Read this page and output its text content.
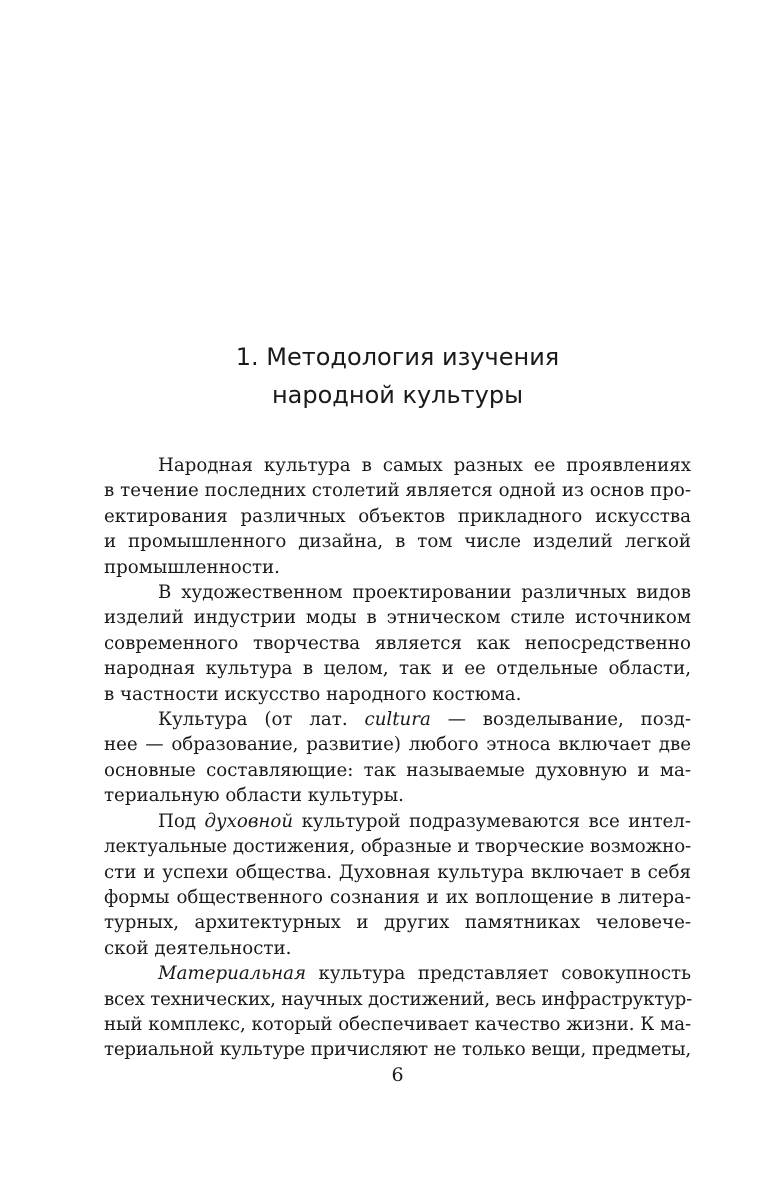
1. Методология изучения
народной культуры

Народная культура в самых разных ее проявлениях
в течение последних столетий является одной из основ про-
ектирования различных объектов прикладного искусства
и промышленного дизайна, в том числе изделий легкой
промышленности.

В художественном проектировании различных видов
изделий индустрии моды в этническом стиле источником
современного творчества является как непосредственно
народная культура в целом, так и ее отдельные области,
в частности искусство народного костюма.

Культура (от лат. cultura — возделывание, позд-
нее — образование, развитие) любого этноса включает две
основные составляющие: так называемые духовную и ма-
териальную области культуры.

Под духовной культурой подразумеваются все интел-
лектуальные достижения, образные и творческие возможно-
сти и успехи общества. Духовная культура включает в себя
формы общественного сознания и их воплощение в литера-
турных, архитектурных и других памятниках человече-
ской деятельности.

Материальная культура представляет совокупность
всех технических, научных достижений, весь инфраструктур-
ный комплекс, который обеспечивает качество жизни. К ма-
териальной культуре причисляют не только вещи, предметы,

6
